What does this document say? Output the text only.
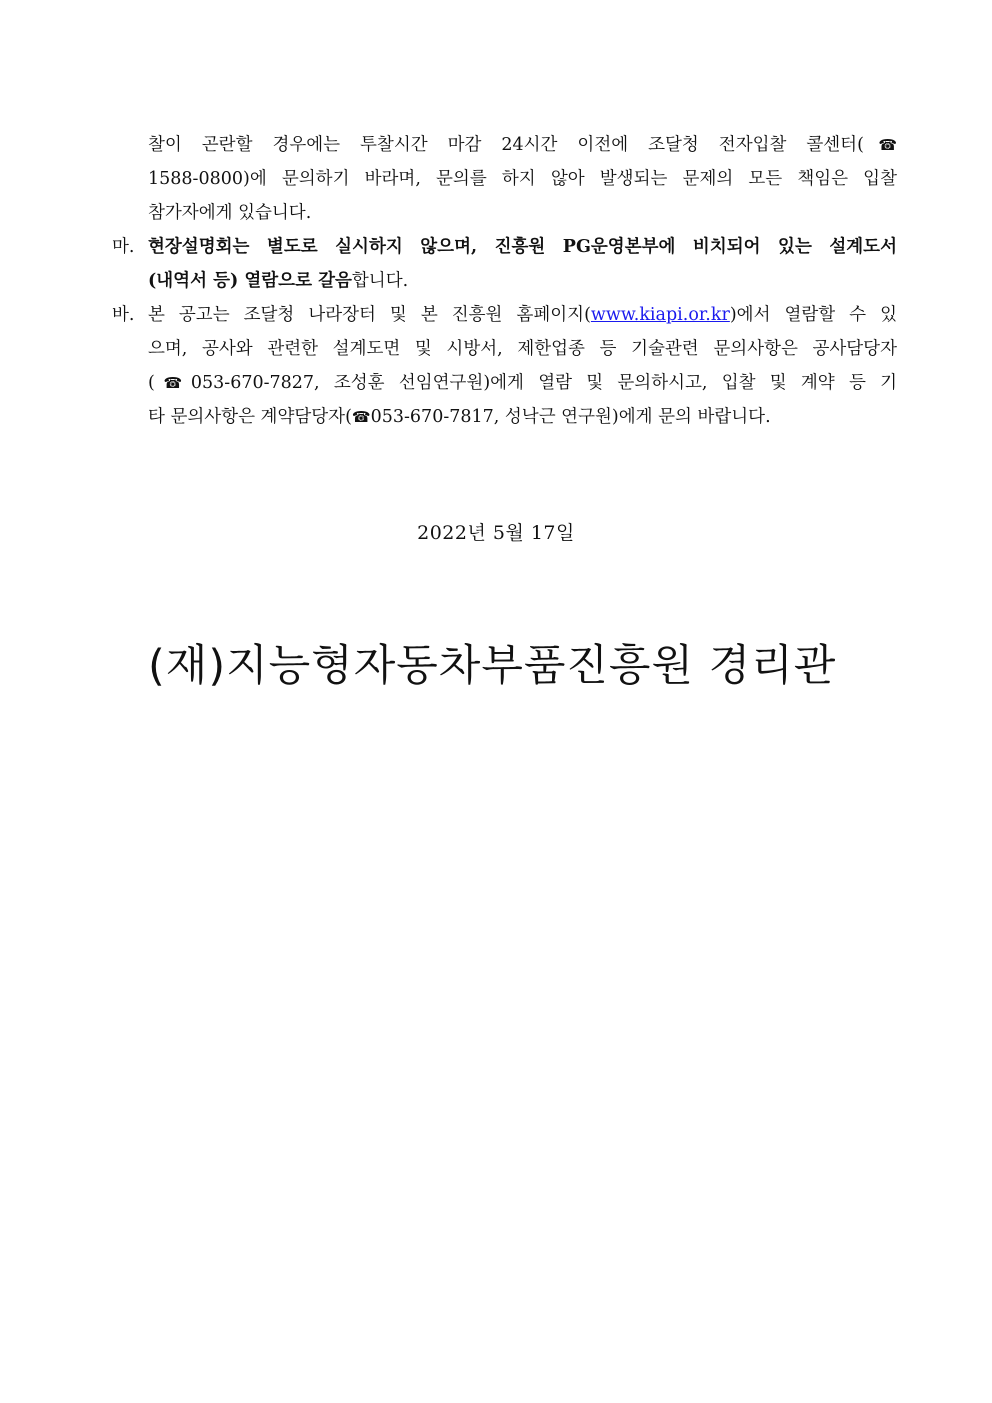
찰이 곤란할 경우에는 투찰시간 마감 24시간 이전에 조달청 전자입찰 콜센터(☎
1588-0800)에 문의하기 바라며, 문의를 하지 않아 발생되는 문제의 모든 책임은 입찰
참가자에게 있습니다.
마. 현장설명회는 별도로 실시하지 않으며, 진흥원 PG운영본부에 비치되어 있는 설계도서
(내역서 등) 열람으로 갈음합니다.
바. 본 공고는 조달청 나라장터 및 본 진흥원 홈페이지(www.kiapi.or.kr)에서 열람할 수 있
으며, 공사와 관련한 설계도면 및 시방서, 제한업종 등 기술관련 문의사항은 공사담당자
(☎053-670-7827, 조성훈 선임연구원)에게 열람 및 문의하시고, 입찰 및 계약 등 기
타 문의사항은 계약담당자(☎053-670-7817, 성낙근 연구원)에게 문의 바랍니다.
2022년 5월 17일
(재)지능형자동차부품진흥원 경리관
